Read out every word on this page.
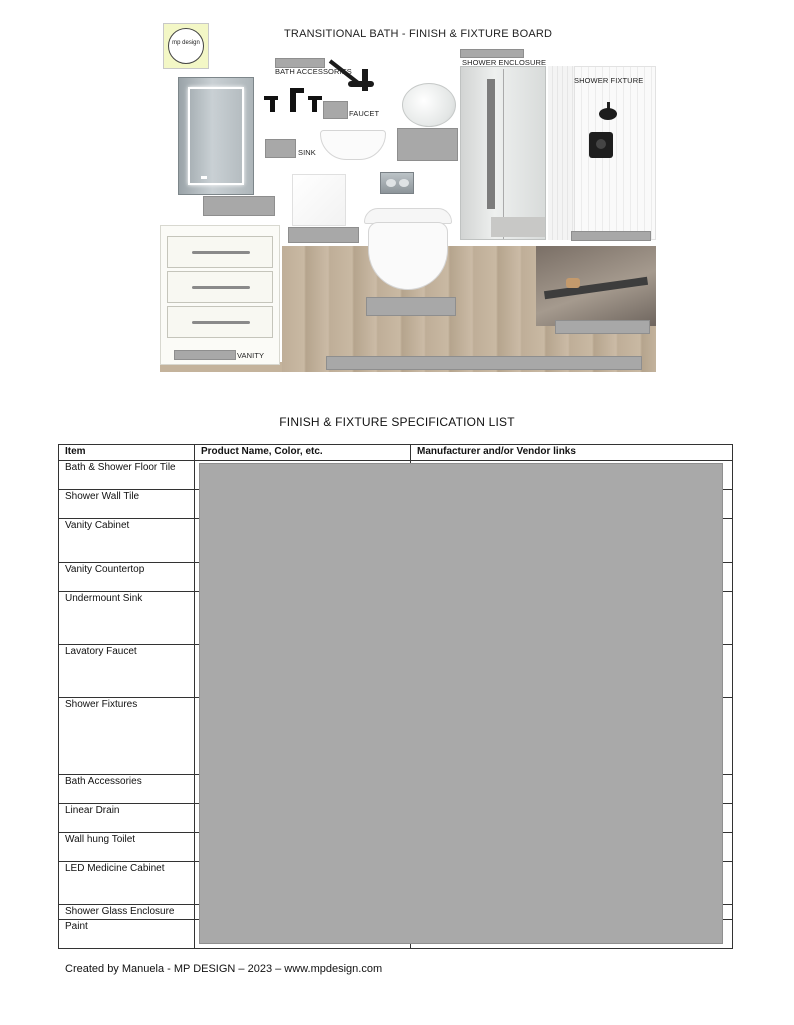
TRANSITIONAL BATH - FINISH & FIXTURE BOARD
mp design
BATH ACCESSORIES
FAUCET
SINK
VANITY
SHOWER ENCLOSURE
SHOWER FIXTURE
FINISH & FIXTURE SPECIFICATION LIST
Item	Product Name, Color, etc.	Manufacturer and/or Vendor links
Bath & Shower Floor Tile		
Shower Wall Tile		
Vanity Cabinet		
Vanity Countertop		
Undermount Sink		
Lavatory Faucet		
Shower Fixtures		
Bath Accessories		
Linear Drain		
Wall hung Toilet		
LED Medicine Cabinet		
Shower Glass Enclosure		
Paint		
Created by Manuela - MP DESIGN – 2023 – www.mpdesign.com
